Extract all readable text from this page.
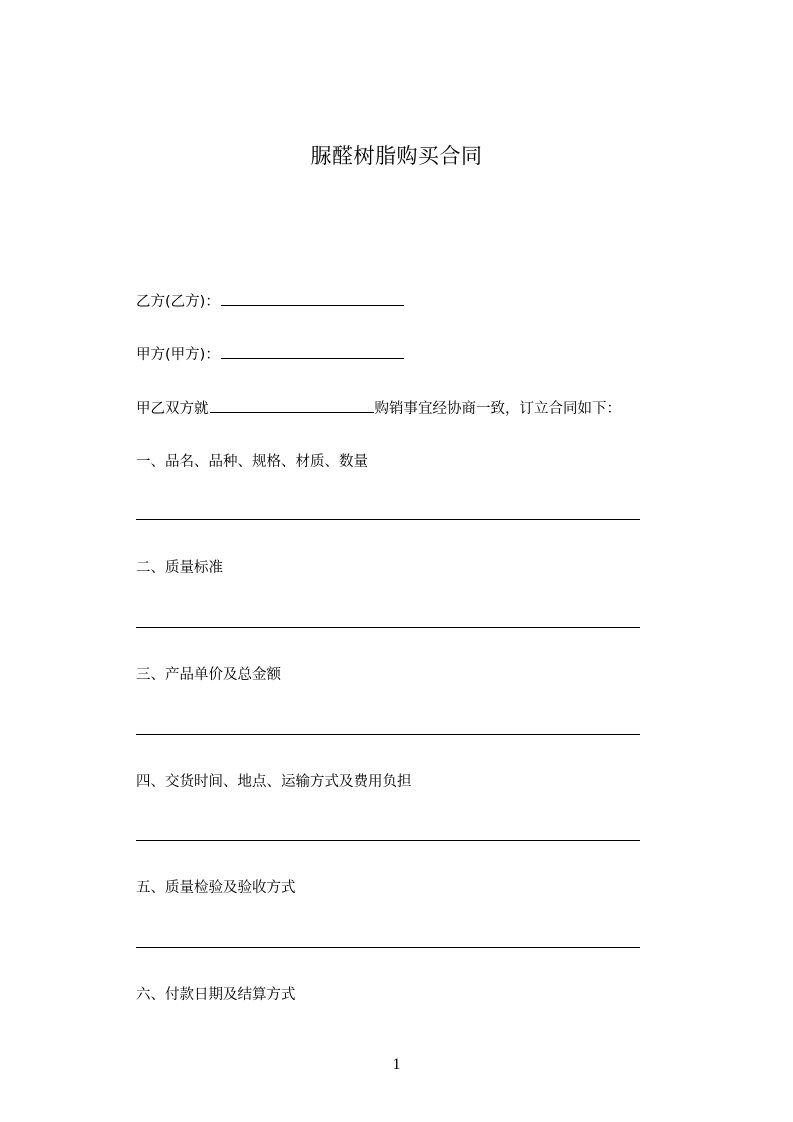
脲醛树脂购买合同
乙方(乙方)：
甲方(甲方)：
甲乙双方就	购销事宜经协商一致，订立合同如下：
一、品名、品种、规格、材质、数量
二、质量标准
三、产品单价及总金额
四、交货时间、地点、运输方式及费用负担
五、质量检验及验收方式
六、付款日期及结算方式
1
